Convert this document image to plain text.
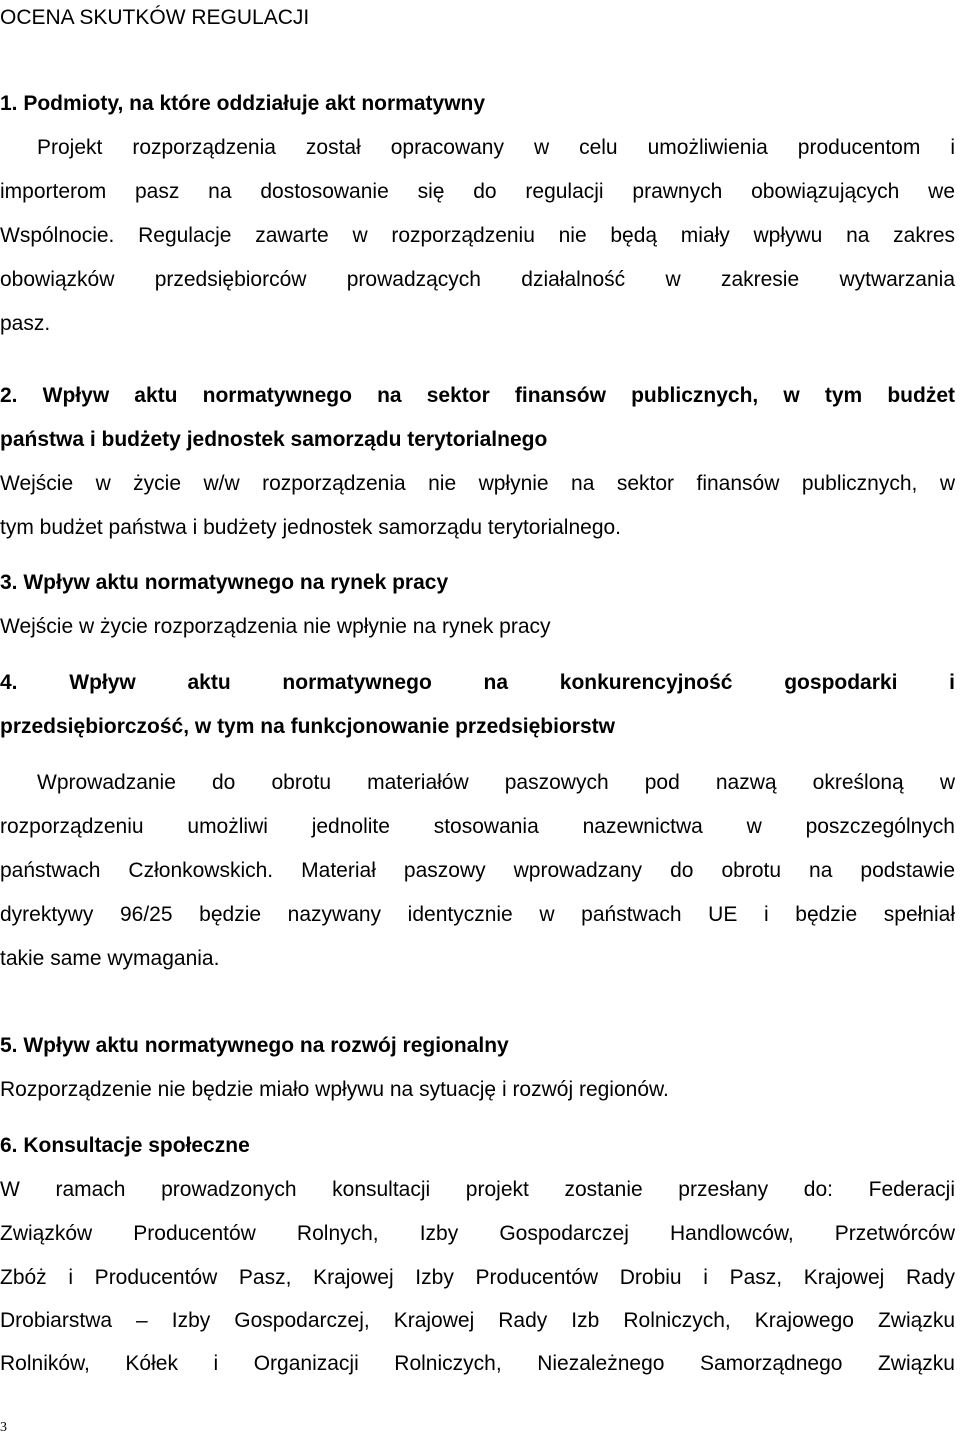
OCENA SKUTKÓW REGULACJI
1. Podmioty, na które oddziałuje akt normatywny
Projekt rozporządzenia został opracowany w celu umożliwienia producentom i
importerom pasz na dostosowanie się do regulacji prawnych obowiązujących we
Wspólnocie. Regulacje zawarte w rozporządzeniu nie będą miały wpływu na zakres
obowiązków przedsiębiorców prowadzących działalność w zakresie wytwarzania
pasz.
2. Wpływ aktu normatywnego na sektor finansów publicznych, w tym budżet
państwa i budżety jednostek samorządu terytorialnego
Wejście w życie w/w rozporządzenia nie wpłynie na sektor finansów publicznych, w
tym budżet państwa i budżety jednostek samorządu terytorialnego.
3. Wpływ aktu normatywnego na rynek pracy
Wejście w życie rozporządzenia nie wpłynie na rynek pracy
4. Wpływ aktu normatywnego na konkurencyjność gospodarki i
przedsiębiorczość, w tym na funkcjonowanie przedsiębiorstw
Wprowadzanie do obrotu materiałów paszowych pod nazwą określoną w
rozporządzeniu umożliwi jednolite stosowania nazewnictwa w poszczególnych
państwach Członkowskich. Materiał paszowy wprowadzany do obrotu na podstawie
dyrektywy 96/25 będzie nazywany identycznie w państwach UE i będzie spełniał
takie same wymagania.
5. Wpływ aktu normatywnego na rozwój regionalny
Rozporządzenie nie będzie miało wpływu na sytuację i rozwój regionów.
6. Konsultacje społeczne
W ramach prowadzonych konsultacji projekt zostanie przesłany do: Federacji
Związków Producentów Rolnych, Izby Gospodarczej Handlowców, Przetwórców
Zbóż i Producentów Pasz, Krajowej Izby Producentów Drobiu i Pasz, Krajowej Rady
Drobiarstwa – Izby Gospodarczej, Krajowej Rady Izb Rolniczych, Krajowego Związku
Rolników, Kółek i Organizacji Rolniczych, Niezależnego Samorządnego Związku
3
